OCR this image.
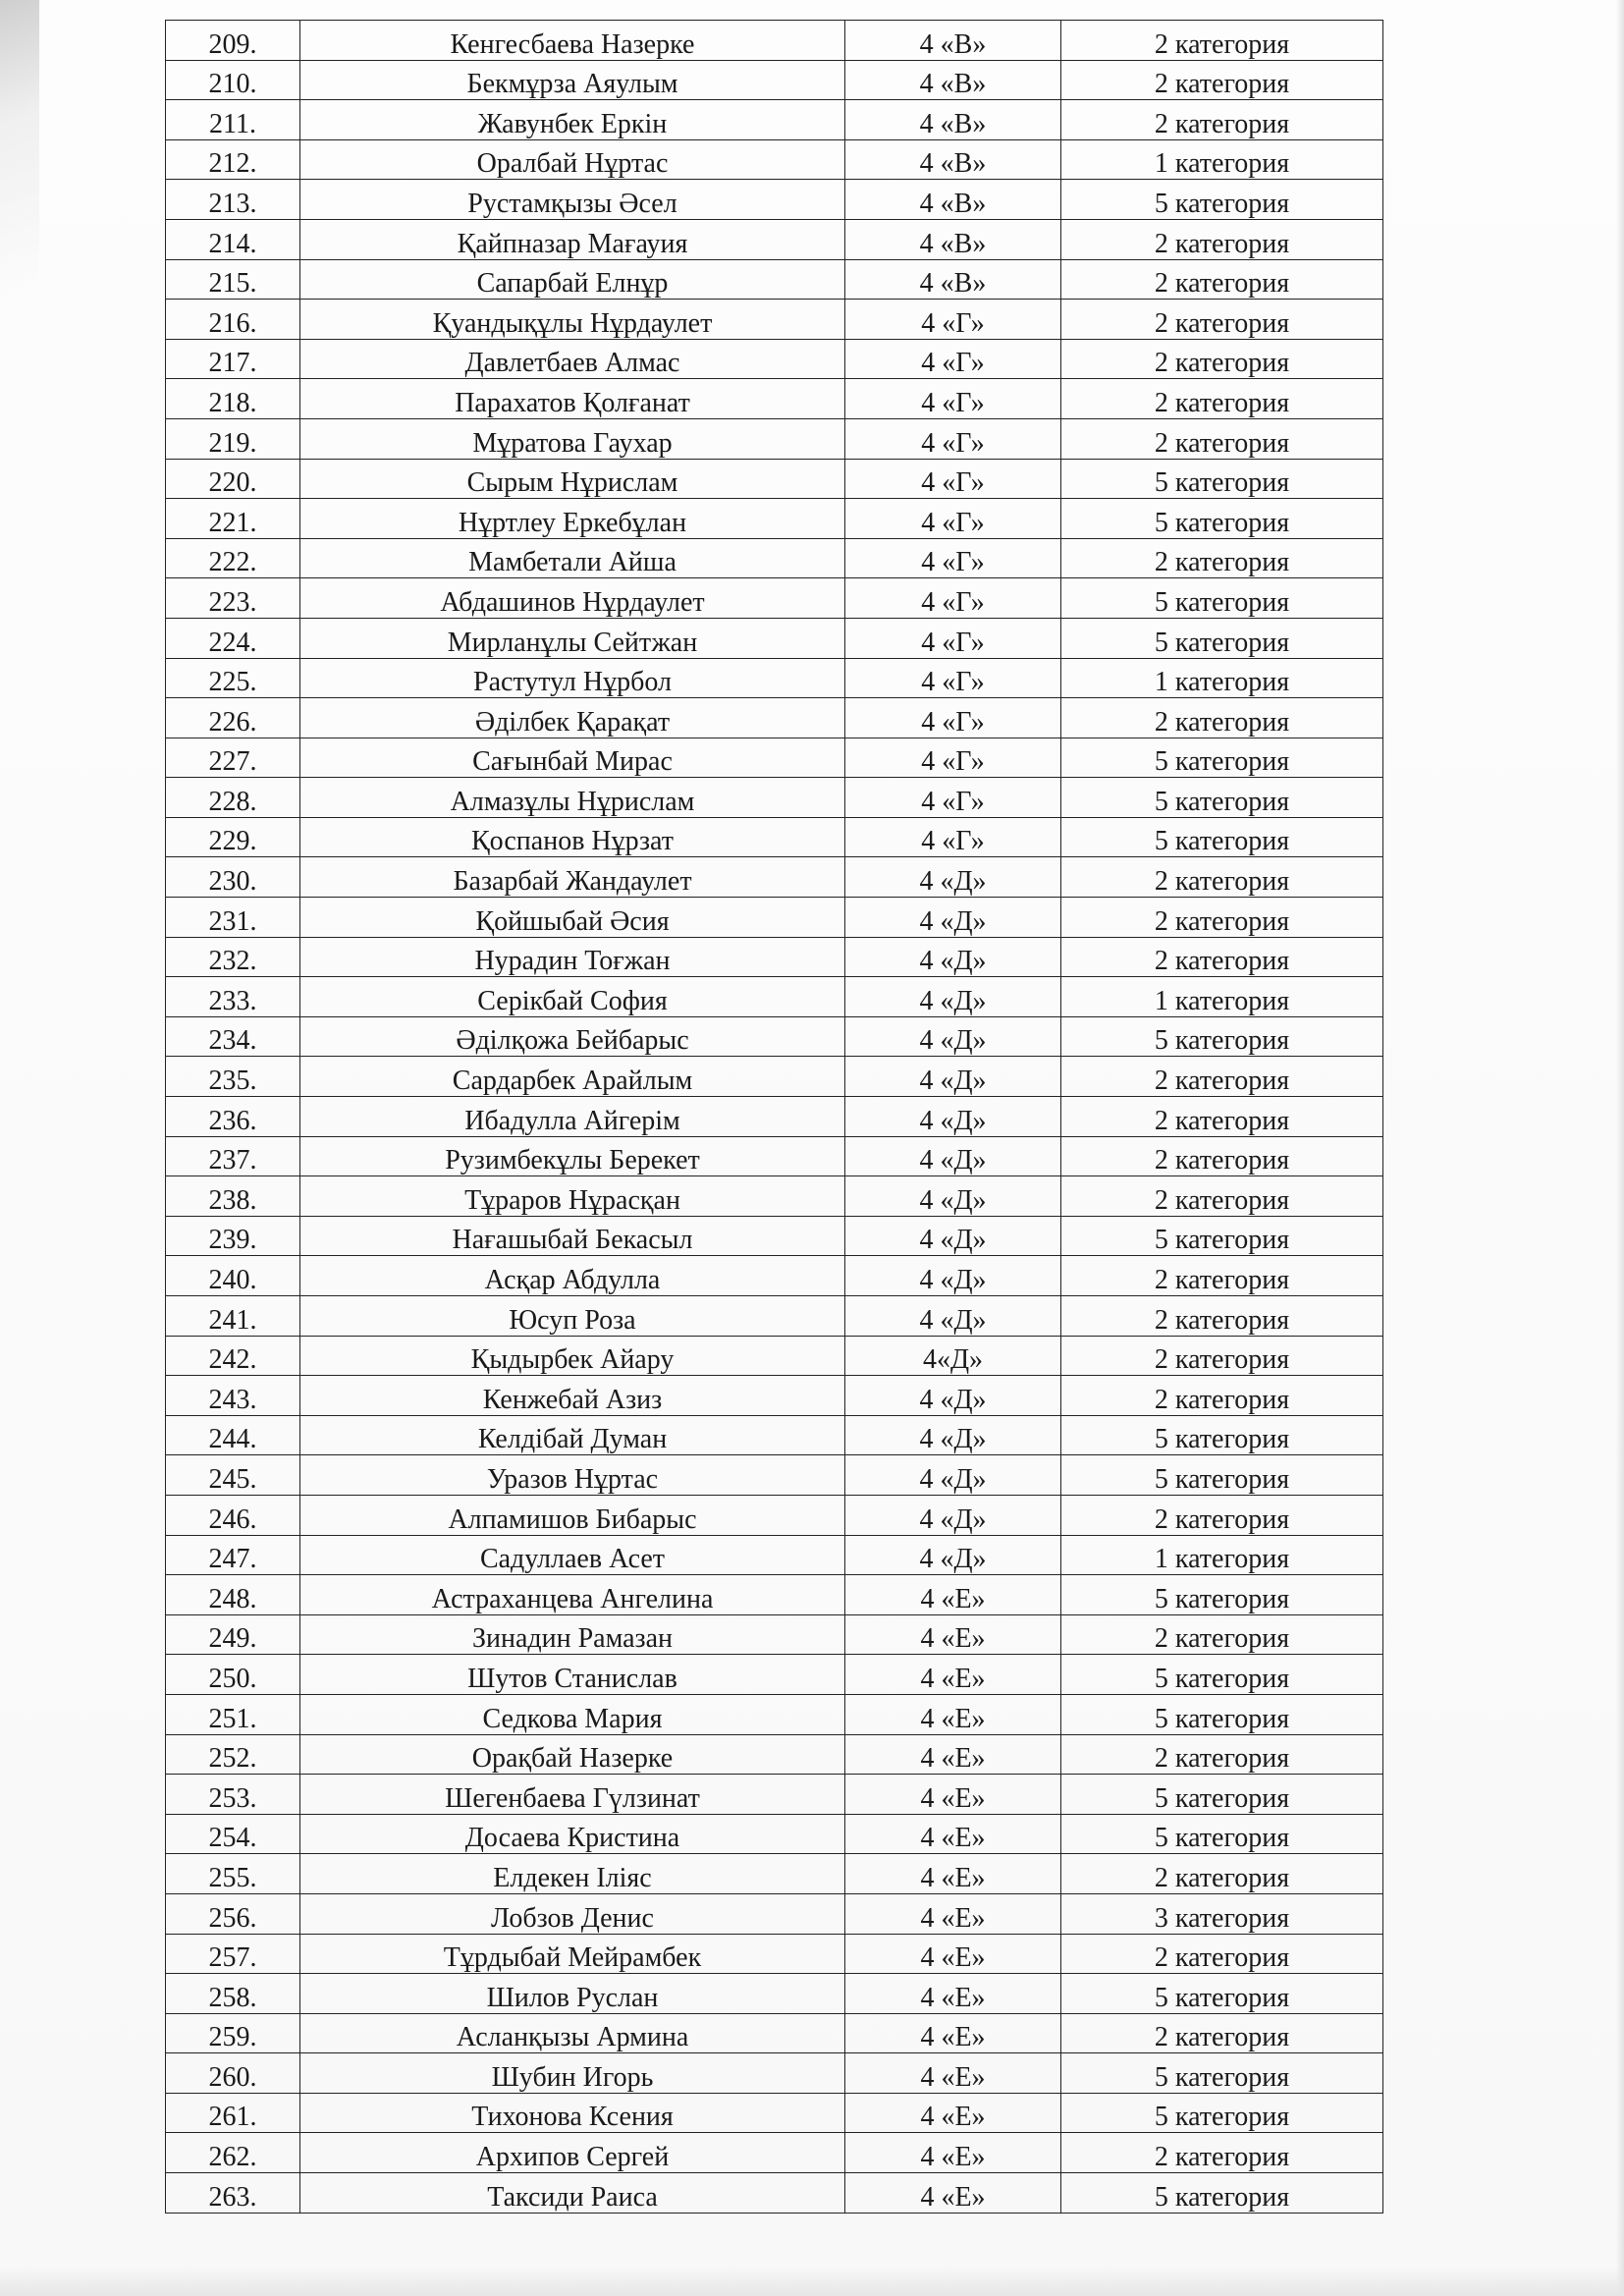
209.	Кенгесбаева Назерке	4 «В»	2 категория
210.	Бекмұрза Аяулым	4 «В»	2 категория
211.	Жавунбек Еркін	4 «В»	2 категория
212.	Оралбай Нұртас	4 «В»	1 категория
213.	Рустамқызы Әсел	4 «В»	5 категория
214.	Қайпназар Мағауия	4 «В»	2 категория
215.	Сапарбай Елнұр	4 «В»	2 категория
216.	Қуандықұлы Нұрдаулет	4 «Г»	2 категория
217.	Давлетбаев Алмас	4 «Г»	2 категория
218.	Парахатов Қолғанат	4 «Г»	2 категория
219.	Мұратова Гаухар	4 «Г»	2 категория
220.	Сырым Нұрислам	4 «Г»	5 категория
221.	Нұртлеу Еркебұлан	4 «Г»	5 категория
222.	Мамбетали Айша	4 «Г»	2 категория
223.	Абдашинов Нұрдаулет	4 «Г»	5 категория
224.	Мирланұлы Сейтжан	4 «Г»	5 категория
225.	Растутул Нұрбол	4 «Г»	1 категория
226.	Әділбек Қарақат	4 «Г»	2 категория
227.	Сағынбай Мирас	4 «Г»	5 категория
228.	Алмазұлы Нұрислам	4 «Г»	5 категория
229.	Қоспанов Нұрзат	4 «Г»	5 категория
230.	Базарбай Жандаулет	4 «Д»	2 категория
231.	Қойшыбай Әсия	4 «Д»	2 категория
232.	Нурадин Тоғжан	4 «Д»	2 категория
233.	Серікбай София	4 «Д»	1 категория
234.	Әділқожа Бейбарыс	4 «Д»	5 категория
235.	Сардарбек Арайлым	4 «Д»	2 категория
236.	Ибадулла Айгерім	4 «Д»	2 категория
237.	Рузимбекұлы Берекет	4 «Д»	2 категория
238.	Тұраров Нұрасқан	4 «Д»	2 категория
239.	Нағашыбай Бекасыл	4 «Д»	5 категория
240.	Асқар Абдулла	4 «Д»	2 категория
241.	Юсуп Роза	4 «Д»	2 категория
242.	Қыдырбек Айару	4«Д»	2 категория
243.	Кенжебай Азиз	4 «Д»	2 категория
244.	Келдібай Думан	4 «Д»	5 категория
245.	Уразов Нұртас	4 «Д»	5 категория
246.	Алпамишов Бибарыс	4 «Д»	2 категория
247.	Садуллаев Асет	4 «Д»	1 категория
248.	Астраханцева Ангелина	4 «Е»	5 категория
249.	Зинадин Рамазан	4 «Е»	2 категория
250.	Шутов Станислав	4 «Е»	5 категория
251.	Седкова Мария	4 «Е»	5 категория
252.	Орақбай Назерке	4 «Е»	2 категория
253.	Шегенбаева Гүлзинат	4 «Е»	5 категория
254.	Досаева Кристина	4 «Е»	5 категория
255.	Елдекен Іліяс	4 «Е»	2 категория
256.	Лобзов Денис	4 «Е»	3 категория
257.	Тұрдыбай Мейрамбек	4 «Е»	2 категория
258.	Шилов Руслан	4 «Е»	5 категория
259.	Асланқызы Армина	4 «Е»	2 категория
260.	Шубин Игорь	4 «Е»	5 категория
261.	Тихонова Ксения	4 «Е»	5 категория
262.	Архипов Сергей	4 «Е»	2 категория
263.	Таксиди Раиса	4 «Е»	5 категория
